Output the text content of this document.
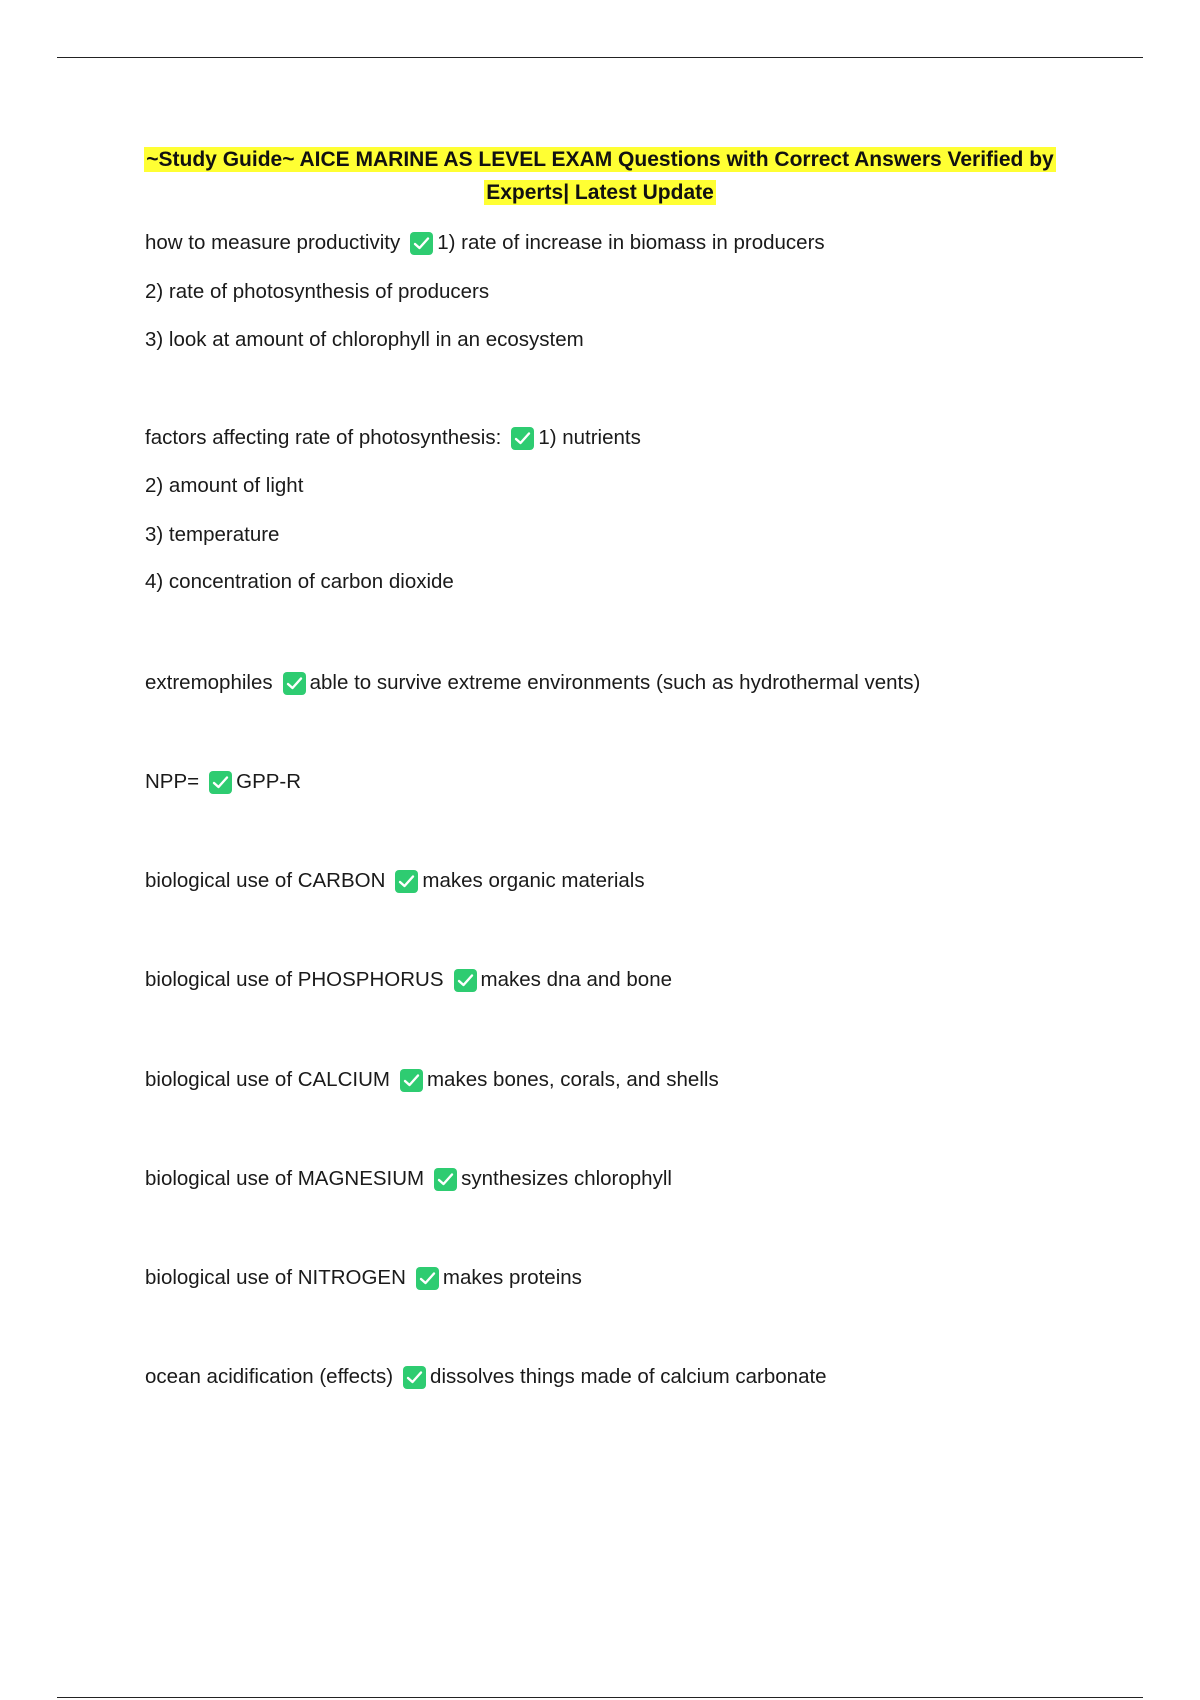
~Study Guide~ AICE MARINE AS LEVEL EXAM Questions with Correct Answers Verified by
Experts| Latest Update
how to measure productivity 1) rate of increase in biomass in producers
2) rate of photosynthesis of producers
3) look at amount of chlorophyll in an ecosystem
factors affecting rate of photosynthesis: 1) nutrients
2) amount of light
3) temperature
4) concentration of carbon dioxide
extremophiles able to survive extreme environments (such as hydrothermal vents)
NPP= GPP-R
biological use of CARBON makes organic materials
biological use of PHOSPHORUS makes dna and bone
biological use of CALCIUM makes bones, corals, and shells
biological use of MAGNESIUM synthesizes chlorophyll
biological use of NITROGEN makes proteins
ocean acidification (effects) dissolves things made of calcium carbonate
